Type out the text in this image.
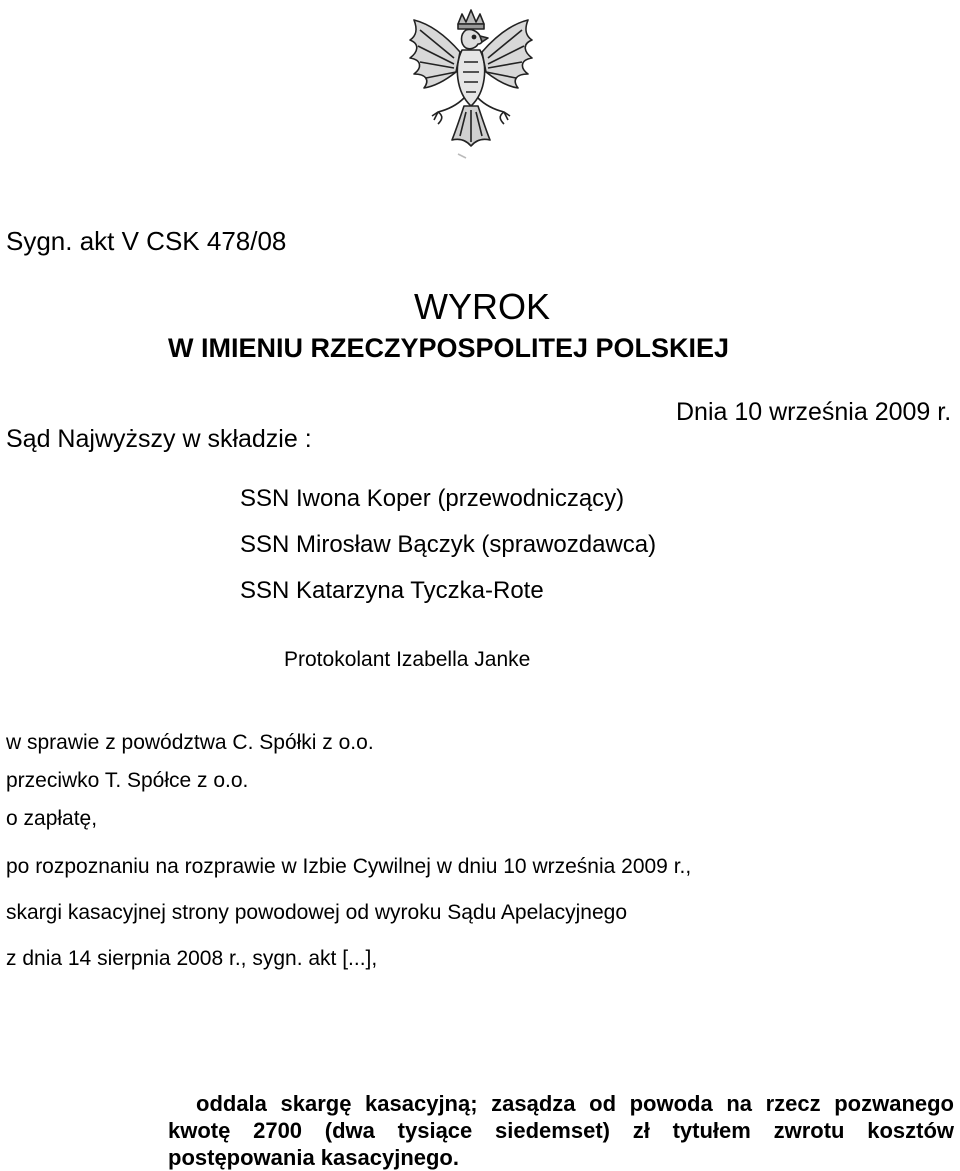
Sygn. akt V CSK 478/08

WYROK

W IMIENIU RZECZYPOSPOLITEJ POLSKIEJ

Dnia 10 września 2009 r.

Sąd Najwyższy w składzie :

SSN Iwona Koper (przewodniczący)
SSN Mirosław Bączyk (sprawozdawca)
SSN Katarzyna Tyczka-Rote

Protokolant Izabella Janke

w sprawie z powództwa C. Spółki z o.o.
przeciwko T. Spółce z o.o.
o zapłatę,
po rozpoznaniu na rozprawie w Izbie Cywilnej w dniu 10 września 2009 r.,
skargi kasacyjnej strony powodowej od wyroku Sądu Apelacyjnego
z dnia 14 sierpnia 2008 r., sygn. akt [...],

oddala skargę kasacyjną; zasądza od powoda na rzecz pozwanego kwotę 2700 (dwa tysiące siedemset) zł tytułem zwrotu kosztów postępowania kasacyjnego.
